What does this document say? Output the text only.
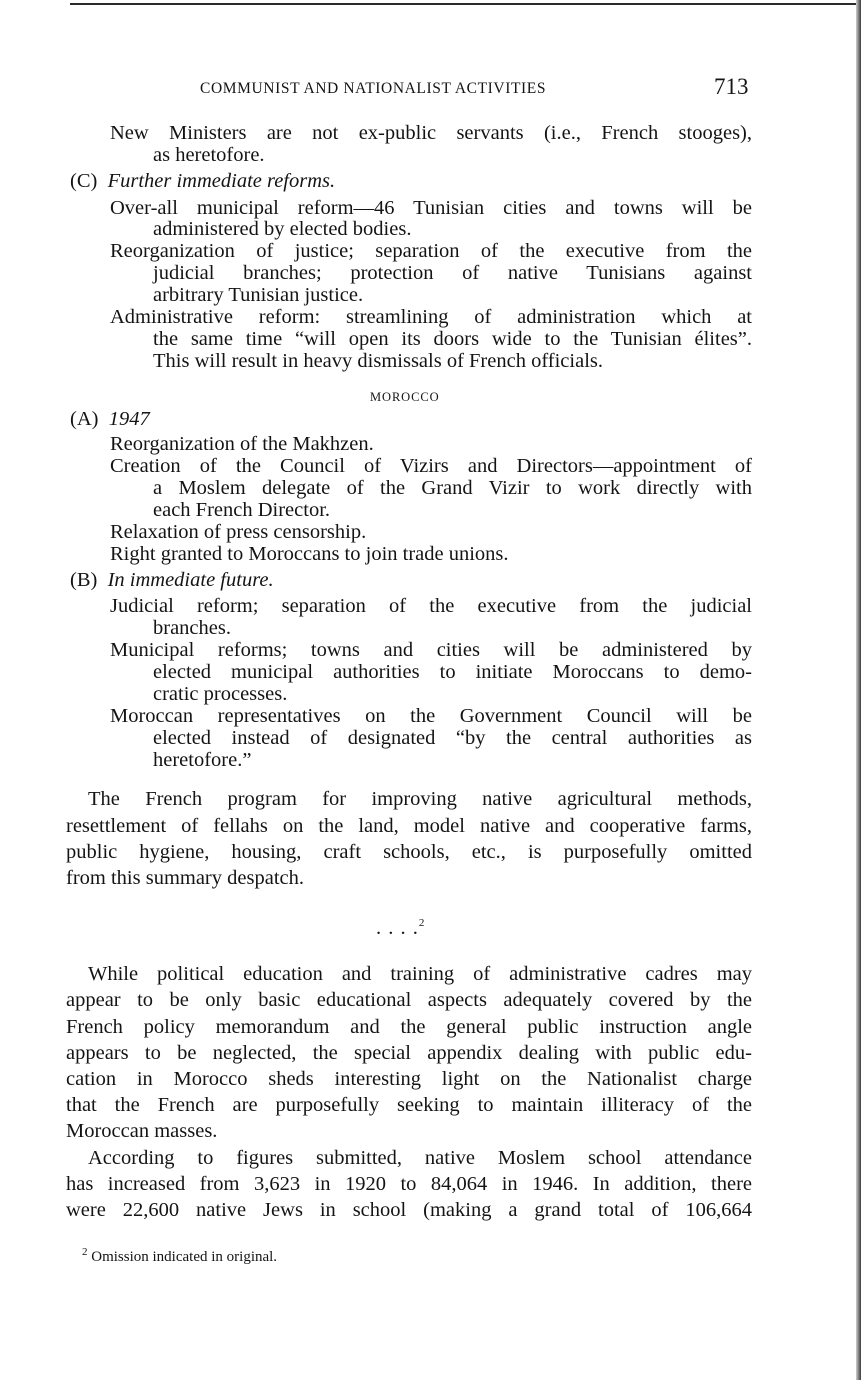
COMMUNIST AND NATIONALIST ACTIVITIES	713
New Ministers are not ex-public servants (i.e., French stooges),
as heretofore.
(C) Further immediate reforms.
Over-all municipal reform—46 Tunisian cities and towns will be
administered by elected bodies.
Reorganization of justice; separation of the executive from the
judicial branches; protection of native Tunisians against
arbitrary Tunisian justice.
Administrative reform: streamlining of administration which at
the same time “will open its doors wide to the Tunisian élites”.
This will result in heavy dismissals of French officials.
MOROCCO
(A) 1947
Reorganization of the Makhzen.
Creation of the Council of Vizirs and Directors—appointment of
a Moslem delegate of the Grand Vizir to work directly with
each French Director.
Relaxation of press censorship.
Right granted to Moroccans to join trade unions.
(B) In immediate future.
Judicial reform; separation of the executive from the judicial
branches.
Municipal reforms; towns and cities will be administered by
elected municipal authorities to initiate Moroccans to demo-
cratic processes.
Moroccan representatives on the Government Council will be
elected instead of designated “by the central authorities as
heretofore.”
The French program for improving native agricultural methods,
resettlement of fellahs on the land, model native and cooperative farms,
public hygiene, housing, craft schools, etc., is purposefully omitted
from this summary despatch.
. . . .$^2$
While political education and training of administrative cadres may
appear to be only basic educational aspects adequately covered by the
French policy memorandum and the general public instruction angle
appears to be neglected, the special appendix dealing with public edu-
cation in Morocco sheds interesting light on the Nationalist charge
that the French are purposefully seeking to maintain illiteracy of the
Moroccan masses.
According to figures submitted, native Moslem school attendance
has increased from 3,623 in 1920 to 84,064 in 1946. In addition, there
were 22,600 native Jews in school (making a grand total of 106,664
$^2$ Omission indicated in original.
